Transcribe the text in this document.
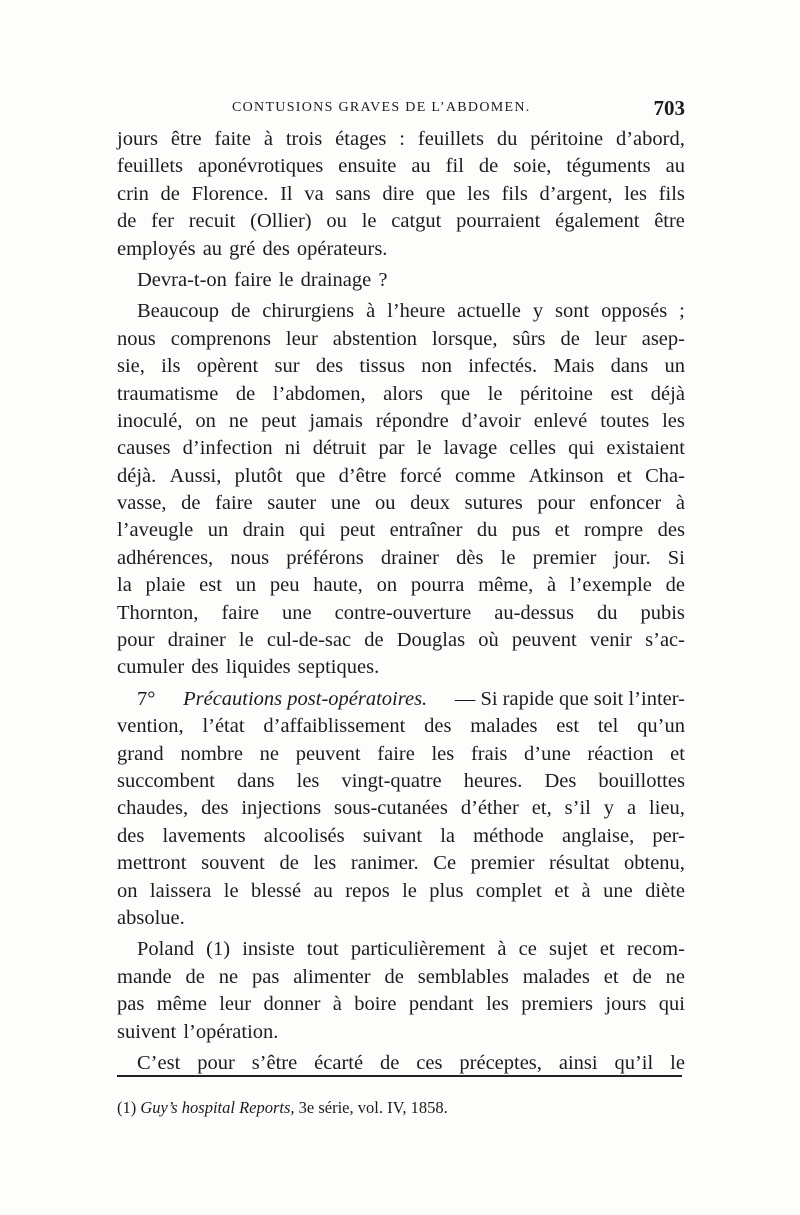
CONTUSIONS GRAVES DE L’ABDOMEN.	703
jours être faite à trois étages : feuillets du péritoine d’abord,
feuillets aponévrotiques ensuite au fil de soie, téguments au
crin de Florence. Il va sans dire que les fils d’argent, les fils
de fer recuit (Ollier) ou le catgut pourraient également être
employés au gré des opérateurs.
Devra-t-on faire le drainage ?
Beaucoup de chirurgiens à l’heure actuelle y sont opposés ;
nous comprenons leur abstention lorsque, sûrs de leur asep-
sie, ils opèrent sur des tissus non infectés. Mais dans un
traumatisme de l’abdomen, alors que le péritoine est déjà
inoculé, on ne peut jamais répondre d’avoir enlevé toutes les
causes d’infection ni détruit par le lavage celles qui existaient
déjà. Aussi, plutôt que d’être forcé comme Atkinson et Cha-
vasse, de faire sauter une ou deux sutures pour enfoncer à
l’aveugle un drain qui peut entraîner du pus et rompre des
adhérences, nous préférons drainer dès le premier jour. Si
la plaie est un peu haute, on pourra même, à l’exemple de
Thornton, faire une contre-ouverture au-dessus du pubis
pour drainer le cul-de-sac de Douglas où peuvent venir s’ac-
cumuler des liquides septiques.
7° Précautions post-opératoires. — Si rapide que soit l’inter-
vention, l’état d’affaiblissement des malades est tel qu’un
grand nombre ne peuvent faire les frais d’une réaction et
succombent dans les vingt-quatre heures. Des bouillottes
chaudes, des injections sous-cutanées d’éther et, s’il y a lieu,
des lavements alcoolisés suivant la méthode anglaise, per-
mettront souvent de les ranimer. Ce premier résultat obtenu,
on laissera le blessé au repos le plus complet et à une diète
absolue.
Poland (1) insiste tout particulièrement à ce sujet et recom-
mande de ne pas alimenter de semblables malades et de ne
pas même leur donner à boire pendant les premiers jours qui
suivent l’opération.
C’est pour s’être écarté de ces préceptes, ainsi qu’il le
(1) Guy’s hospital Reports, 3e série, vol. IV, 1858.
